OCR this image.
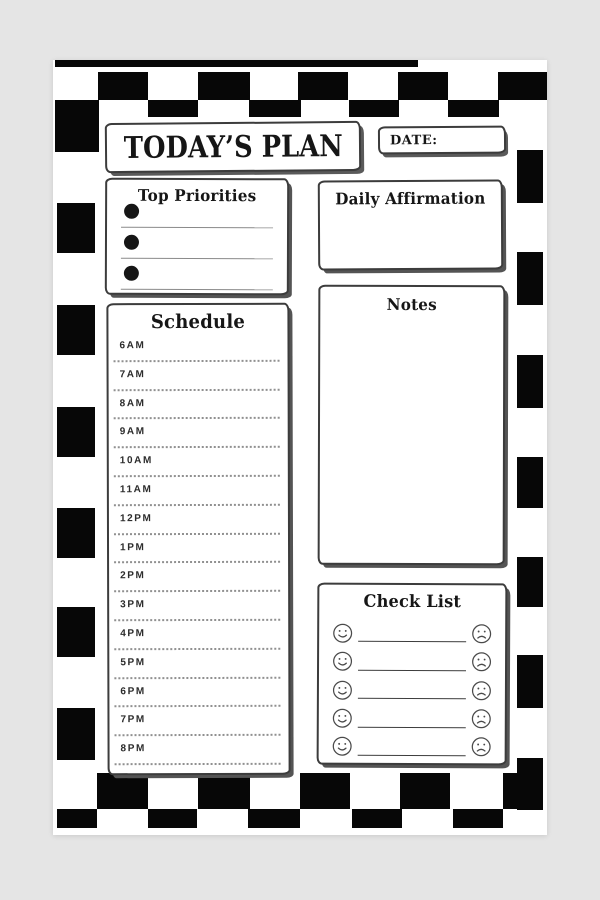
TODAY’S PLAN	DATE:
Top Priorities	Daily Affirmation
Notes
Schedule
6AM
7AM
8AM
9AM
10AM
11AM
12PM
1PM
2PM
3PM
4PM
5PM
6PM
7PM
8PM
Check List
